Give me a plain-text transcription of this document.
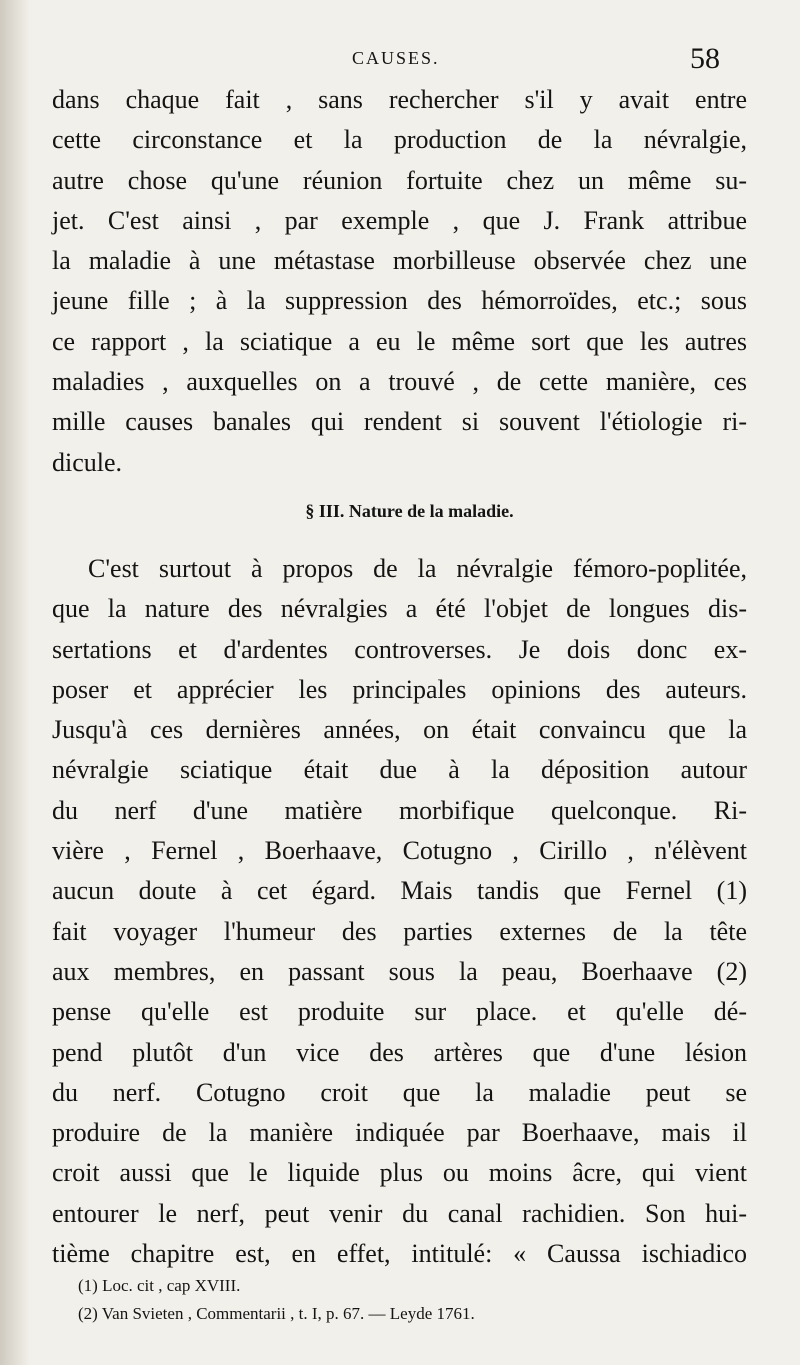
CAUSES.	58
dans chaque fait , sans rechercher s'il y avait entre
cette circonstance et la production de la névralgie,
autre chose qu'une réunion fortuite chez un même su-
jet. C'est ainsi , par exemple , que J. Frank attribue
la maladie à une métastase morbilleuse observée chez une
jeune fille ; à la suppression des hémorroïdes, etc.; sous
ce rapport , la sciatique a eu le même sort que les autres
maladies , auxquelles on a trouvé , de cette manière, ces
mille causes banales qui rendent si souvent l'étiologie ri-
dicule.
§ III. Nature de la maladie.
C'est surtout à propos de la névralgie fémoro-poplitée,
que la nature des névralgies a été l'objet de longues dis-
sertations et d'ardentes controverses. Je dois donc ex-
poser et apprécier les principales opinions des auteurs.
Jusqu'à ces dernières années, on était convaincu que la
névralgie sciatique était due à la déposition autour
du nerf d'une matière morbifique quelconque. Ri-
vière , Fernel , Boerhaave, Cotugno , Cirillo , n'élèvent
aucun doute à cet égard. Mais tandis que Fernel (1)
fait voyager l'humeur des parties externes de la tête
aux membres, en passant sous la peau, Boerhaave (2)
pense qu'elle est produite sur place. et qu'elle dé-
pend plutôt d'un vice des artères que d'une lésion
du nerf. Cotugno croit que la maladie peut se
produire de la manière indiquée par Boerhaave, mais il
croit aussi que le liquide plus ou moins âcre, qui vient
entourer le nerf, peut venir du canal rachidien. Son hui-
tième chapitre est, en effet, intitulé: « Caussa ischiadico
(1) Loc. cit , cap XVIII.
(2) Van Svieten , Commentarii , t. I, p. 67. — Leyde 1761.
